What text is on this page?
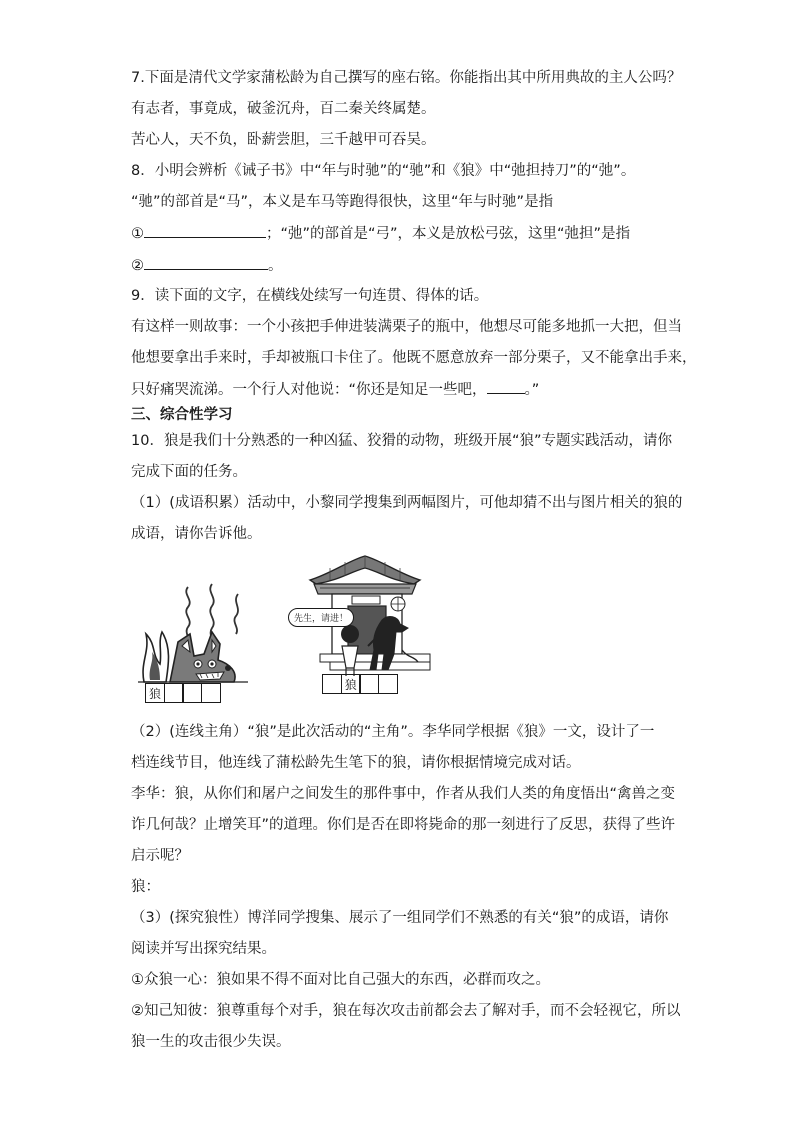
7.下面是清代文学家蒲松龄为自己撰写的座右铭。你能指出其中所用典故的主人公吗？
有志者，事竟成，破釜沉舟，百二秦关终属楚。
苦心人，天不负，卧薪尝胆，三千越甲可吞吴。
8．小明会辨析《诫子书》中“年与时驰”的“驰”和《狼》中“弛担持刀”的“弛”。
“驰”的部首是“马”，本义是车马等跑得很快，这里“年与时驰”是指
①	；“弛”的部首是“弓”，本义是放松弓弦，这里“弛担”是指
②	。
9．读下面的文字，在横线处续写一句连贯、得体的话。
有这样一则故事：一个小孩把手伸进装满栗子的瓶中，他想尽可能多地抓一大把，但当
他想要拿出手来时，手却被瓶口卡住了。他既不愿意放弃一部分栗子，又不能拿出手来，
只好痛哭流涕。一个行人对他说：“你还是知足一些吧，	。”
三、综合性学习
10．狼是我们十分熟悉的一种凶猛、狡猾的动物，班级开展“狼”专题实践活动，请你
完成下面的任务。
（1）(成语积累）活动中，小黎同学搜集到两幅图片，可他却猜不出与图片相关的狼的
成语，请你告诉他。
狼
先生，请进！
狼
（2）(连线主角）“狼”是此次活动的“主角”。李华同学根据《狼》一文，设计了一
档连线节目，他连线了蒲松龄先生笔下的狼，请你根据情境完成对话。
李华：狼，从你们和屠户之间发生的那件事中，作者从我们人类的角度悟出“禽兽之变
诈几何哉？止增笑耳”的道理。你们是否在即将毙命的那一刻进行了反思，获得了些许
启示呢？
狼：
（3）(探究狼性）博洋同学搜集、展示了一组同学们不熟悉的有关“狼”的成语，请你
阅读并写出探究结果。
①众狼一心：狼如果不得不面对比自己强大的东西，必群而攻之。
②知己知彼：狼尊重每个对手，狼在每次攻击前都会去了解对手，而不会轻视它，所以
狼一生的攻击很少失误。
